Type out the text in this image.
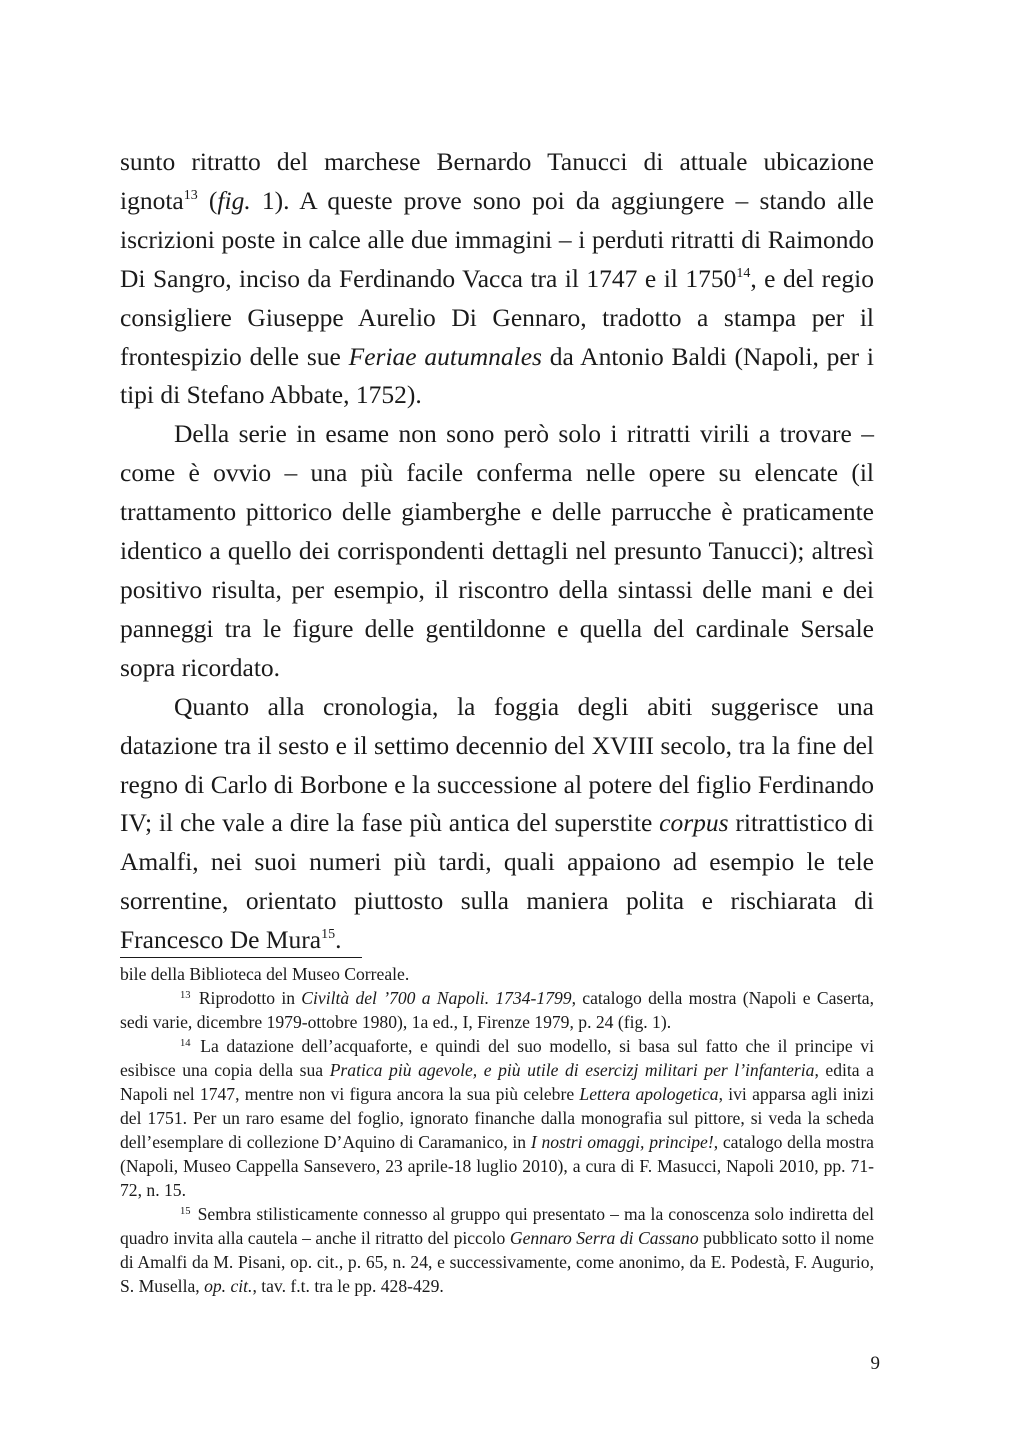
sunto ritratto del marchese Bernardo Tanucci di attuale ubicazione ignota$^{13}$ (fig. 1). A queste prove sono poi da aggiungere – stando alle iscrizioni poste in calce alle due immagini – i perduti ritratti di Raimondo Di Sangro, inciso da Ferdinando Vacca tra il 1747 e il 1750$^{14}$, e del regio consigliere Giuseppe Aurelio Di Gennaro, tradotto a stampa per il frontespizio delle sue Feriae autumnales da Antonio Baldi (Napoli, per i tipi di Stefano Abbate, 1752).

Della serie in esame non sono però solo i ritratti virili a trovare – come è ovvio – una più facile conferma nelle opere su elencate (il trattamento pittorico delle giamberghe e delle parrucche è praticamente identico a quello dei corrispondenti dettagli nel presunto Tanucci); altresì positivo risulta, per esempio, il riscontro della sintassi delle mani e dei panneggi tra le figure delle gentildonne e quella del cardinale Sersale sopra ricordato.

Quanto alla cronologia, la foggia degli abiti suggerisce una datazione tra il sesto e il settimo decennio del XVIII secolo, tra la fine del regno di Carlo di Borbone e la successione al potere del figlio Ferdinando IV; il che vale a dire la fase più antica del superstite corpus ritrattistico di Amalfi, nei suoi numeri più tardi, quali appaiono ad esempio le tele sorrentine, orientato piuttosto sulla maniera polita e rischiarata di Francesco De Mura$^{15}$.

bile della Biblioteca del Museo Correale.

$^{13}$ Riprodotto in Civiltà del ’700 a Napoli. 1734-1799, catalogo della mostra (Napoli e Caserta, sedi varie, dicembre 1979-ottobre 1980), 1a ed., I, Firenze 1979, p. 24 (fig. 1).

$^{14}$ La datazione dell’acquaforte, e quindi del suo modello, si basa sul fatto che il principe vi esibisce una copia della sua Pratica più agevole, e più utile di esercizj militari per l’infanteria, edita a Napoli nel 1747, mentre non vi figura ancora la sua più celebre Lettera apologetica, ivi apparsa agli inizi del 1751. Per un raro esame del foglio, ignorato finanche dalla monografia sul pittore, si veda la scheda dell’esemplare di collezione D’Aquino di Caramanico, in I nostri omaggi, principe!, catalogo della mostra (Napoli, Museo Cappella Sansevero, 23 aprile-18 luglio 2010), a cura di F. Masucci, Napoli 2010, pp. 71-72, n. 15.

$^{15}$ Sembra stilisticamente connesso al gruppo qui presentato – ma la conoscenza solo indiretta del quadro invita alla cautela – anche il ritratto del piccolo Gennaro Serra di Cassano pubblicato sotto il nome di Amalfi da M. Pisani, op. cit., p. 65, n. 24, e successivamente, come anonimo, da E. Podestà, F. Augurio, S. Musella, op. cit., tav. f.t. tra le pp. 428-429.

9
